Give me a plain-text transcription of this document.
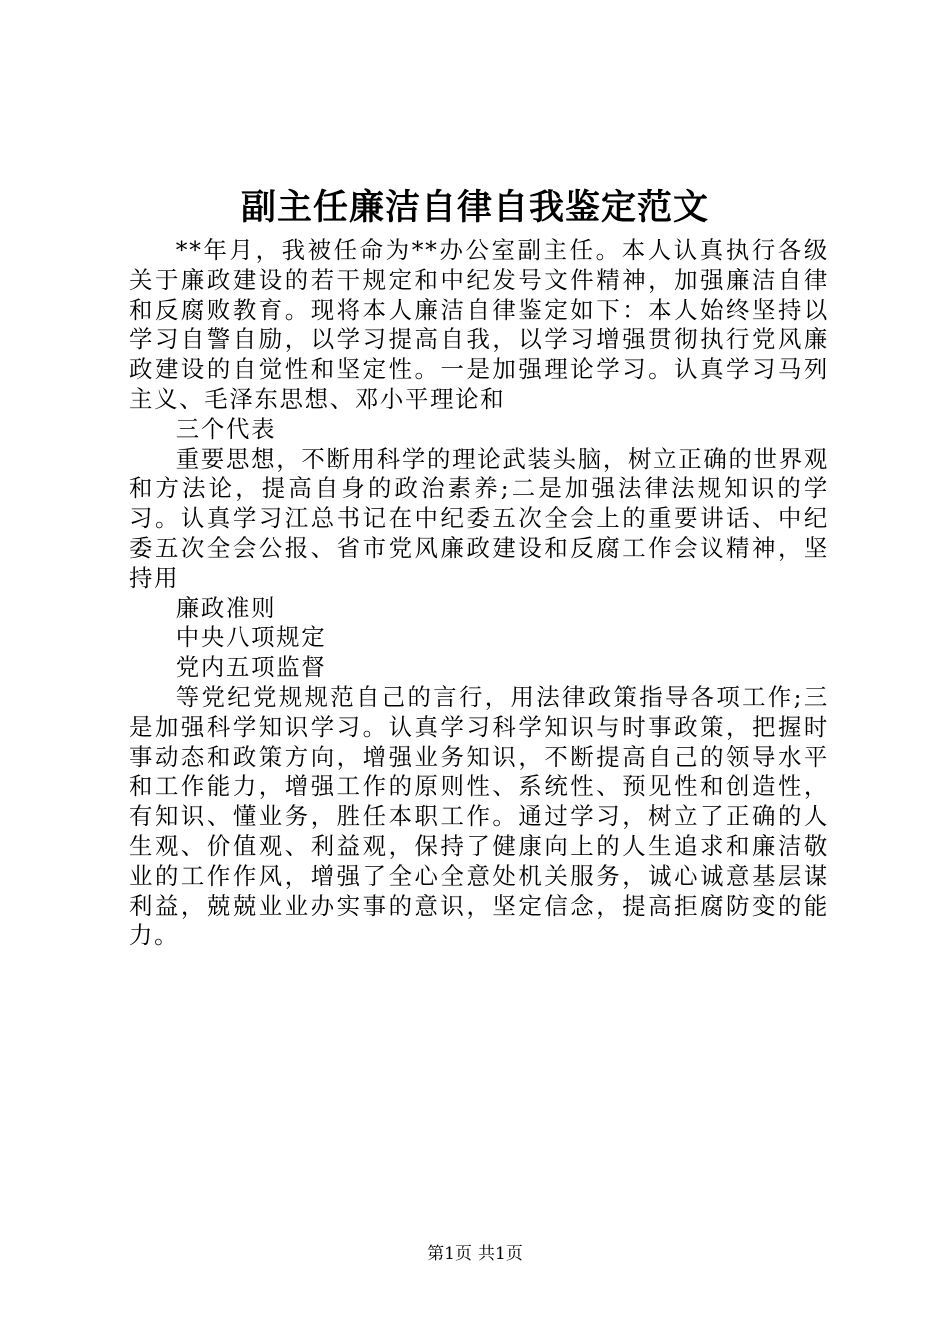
副主任廉洁自律自我鉴定范文

**年月，我被任命为**办公室副主任。本人认真执行各级关于廉政建设的若干规定和中纪发号文件精神，加强廉洁自律和反腐败教育。现将本人廉洁自律鉴定如下：本人始终坚持以学习自警自励，以学习提高自我，以学习增强贯彻执行党风廉政建设的自觉性和坚定性。一是加强理论学习。认真学习马列主义、毛泽东思想、邓小平理论和

三个代表

重要思想，不断用科学的理论武装头脑，树立正确的世界观和方法论，提高自身的政治素养;二是加强法律法规知识的学习。认真学习江总书记在中纪委五次全会上的重要讲话、中纪委五次全会公报、省市党风廉政建设和反腐工作会议精神，坚持用

廉政准则

中央八项规定

党内五项监督

等党纪党规规范自己的言行，用法律政策指导各项工作;三是加强科学知识学习。认真学习科学知识与时事政策，把握时事动态和政策方向，增强业务知识，不断提高自己的领导水平和工作能力，增强工作的原则性、系统性、预见性和创造性，有知识、懂业务，胜任本职工作。通过学习，树立了正确的人生观、价值观、利益观，保持了健康向上的人生追求和廉洁敬业的工作作风，增强了全心全意处机关服务，诚心诚意基层谋利益，兢兢业业办实事的意识，坚定信念，提高拒腐防变的能力。

第1页 共1页
